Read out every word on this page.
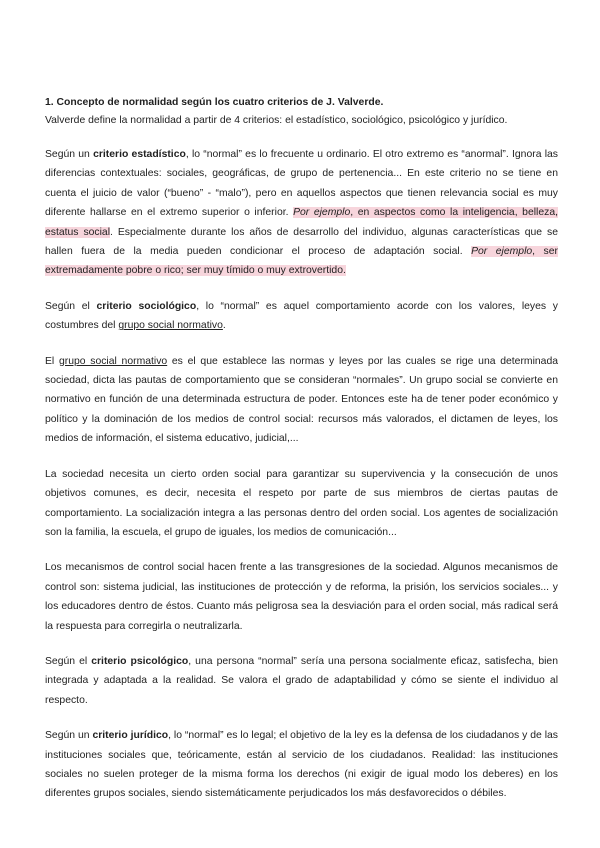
1. Concepto de normalidad según los cuatro criterios de J. Valverde.
Valverde define la normalidad a partir de 4 criterios: el estadístico, sociológico, psicológico y jurídico.

Según un criterio estadístico, lo “normal” es lo frecuente u ordinario. El otro extremo es “anormal”. Ignora las diferencias contextuales: sociales, geográficas, de grupo de pertenencia... En este criterio no se tiene en cuenta el juicio de valor (“bueno” - “malo”), pero en aquellos aspectos que tienen relevancia social es muy diferente hallarse en el extremo superior o inferior. Por ejemplo, en aspectos como la inteligencia, belleza, estatus social. Especialmente durante los años de desarrollo del individuo, algunas características que se hallen fuera de la media pueden condicionar el proceso de adaptación social. Por ejemplo, ser extremadamente pobre o rico; ser muy tímido o muy extrovertido.

Según el criterio sociológico, lo “normal” es aquel comportamiento acorde con los valores, leyes y costumbres del grupo social normativo.

El grupo social normativo es el que establece las normas y leyes por las cuales se rige una determinada sociedad, dicta las pautas de comportamiento que se consideran “normales”. Un grupo social se convierte en normativo en función de una determinada estructura de poder. Entonces este ha de tener poder económico y político y la dominación de los medios de control social: recursos más valorados, el dictamen de leyes, los medios de información, el sistema educativo, judicial,...

La sociedad necesita un cierto orden social para garantizar su supervivencia y la consecución de unos objetivos comunes, es decir, necesita el respeto por parte de sus miembros de ciertas pautas de comportamiento. La socialización integra a las personas dentro del orden social. Los agentes de socialización son la familia, la escuela, el grupo de iguales, los medios de comunicación...

Los mecanismos de control social hacen frente a las transgresiones de la sociedad. Algunos mecanismos de control son: sistema judicial, las instituciones de protección y de reforma, la prisión, los servicios sociales... y los educadores dentro de éstos. Cuanto más peligrosa sea la desviación para el orden social, más radical será la respuesta para corregirla o neutralizarla.

Según el criterio psicológico, una persona “normal” sería una persona socialmente eficaz, satisfecha, bien integrada y adaptada a la realidad. Se valora el grado de adaptabilidad y cómo se siente el individuo al respecto.

Según un criterio jurídico, lo “normal” es lo legal; el objetivo de la ley es la defensa de los ciudadanos y de las instituciones sociales que, teóricamente, están al servicio de los ciudadanos. Realidad: las instituciones sociales no suelen proteger de la misma forma los derechos (ni exigir de igual modo los deberes) en los diferentes grupos sociales, siendo sistemáticamente perjudicados los más desfavorecidos o débiles.
